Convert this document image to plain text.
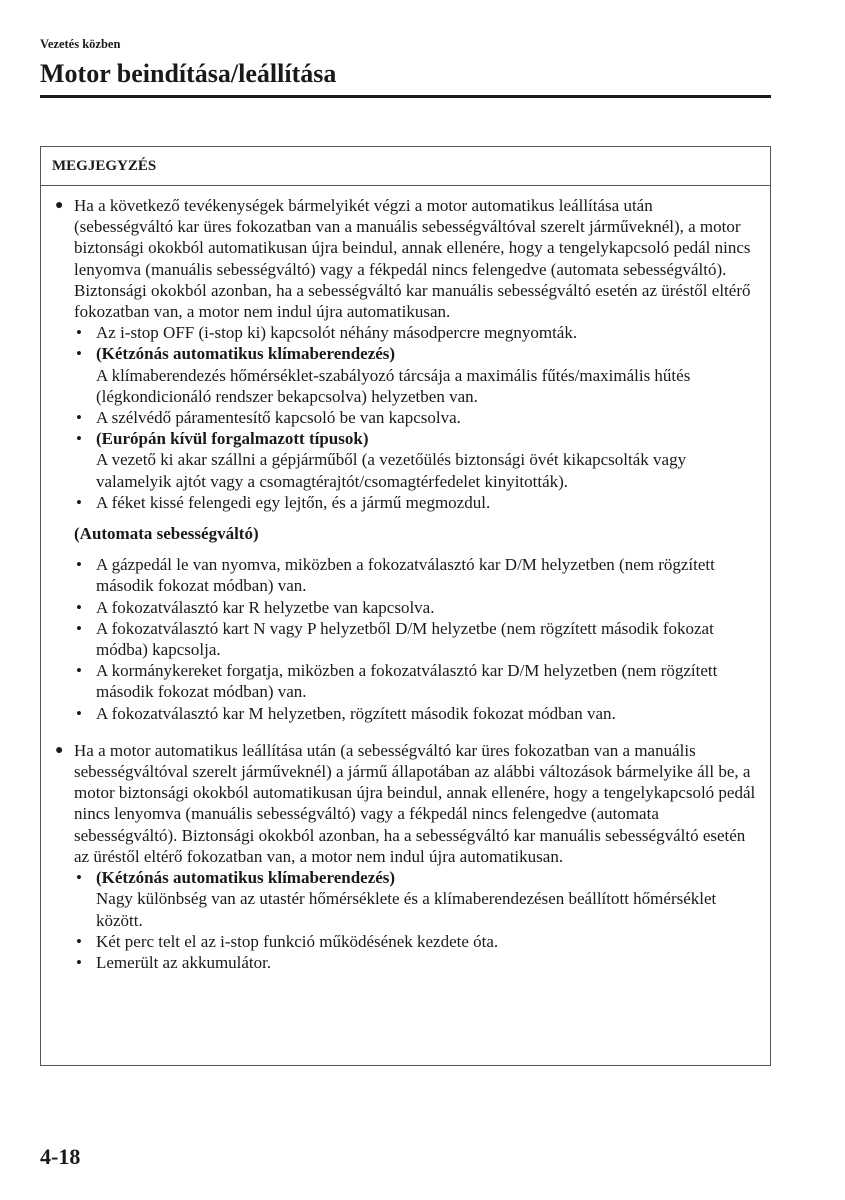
Vezetés közben
Motor beindítása/leállítása
MEGJEGYZÉS
● Ha a következő tevékenységek bármelyikét végzi a motor automatikus leállítása után (sebességváltó kar üres fokozatban van a manuális sebességváltóval szerelt járműveknél), a motor biztonsági okokból automatikusan újra beindul, annak ellenére, hogy a tengelykapcsoló pedál nincs lenyomva (manuális sebességváltó) vagy a fékpedál nincs felengedve (automata sebességváltó). Biztonsági okokból azonban, ha a sebességváltó kar manuális sebességváltó esetén az üréstől eltérő fokozatban van, a motor nem indul újra automatikusan.

• Az i-stop OFF (i-stop ki) kapcsolót néhány másodpercre megnyomták.
• (Kétzónás automatikus klímaberendezés)
A klímaberendezés hőmérséklet-szabályozó tárcsája a maximális fűtés/maximális hűtés (légkondicionáló rendszer bekapcsolva) helyzetben van.
• A szélvédő páramentesítő kapcsoló be van kapcsolva.
• (Európán kívül forgalmazott típusok)
A vezető ki akar szállni a gépjárműből (a vezetőülés biztonsági övét kikapcsolták vagy valamelyik ajtót vagy a csomagtérajtót/csomagtérfedelet kinyitották).
• A féket kissé felengedi egy lejtőn, és a jármű megmozdul.
(Automata sebességváltó)
• A gázpedál le van nyomva, miközben a fokozatválasztó kar D/M helyzetben (nem rögzített második fokozat módban) van.
• A fokozatválasztó kar R helyzetbe van kapcsolva.
• A fokozatválasztó kart N vagy P helyzetből D/M helyzetbe (nem rögzített második fokozat módba) kapcsolja.
• A kormánykereket forgatja, miközben a fokozatválasztó kar D/M helyzetben (nem rögzített második fokozat módban) van.
• A fokozatválasztó kar M helyzetben, rögzített második fokozat módban van.
● Ha a motor automatikus leállítása után (a sebességváltó kar üres fokozatban van a manuális sebességváltóval szerelt járműveknél) a jármű állapotában az alábbi változások bármelyike áll be, a motor biztonsági okokból automatikusan újra beindul, annak ellenére, hogy a tengelykapcsoló pedál nincs lenyomva (manuális sebességváltó) vagy a fékpedál nincs felengedve (automata sebességváltó). Biztonsági okokból azonban, ha a sebességváltó kar manuális sebességváltó esetén az üréstől eltérő fokozatban van, a motor nem indul újra automatikusan.

• (Kétzónás automatikus klímaberendezés)
Nagy különbség van az utastér hőmérséklete és a klímaberendezésen beállított hőmérséklet között.
• Két perc telt el az i-stop funkció működésének kezdete óta.
• Lemerült az akkumulátor.
4-18
